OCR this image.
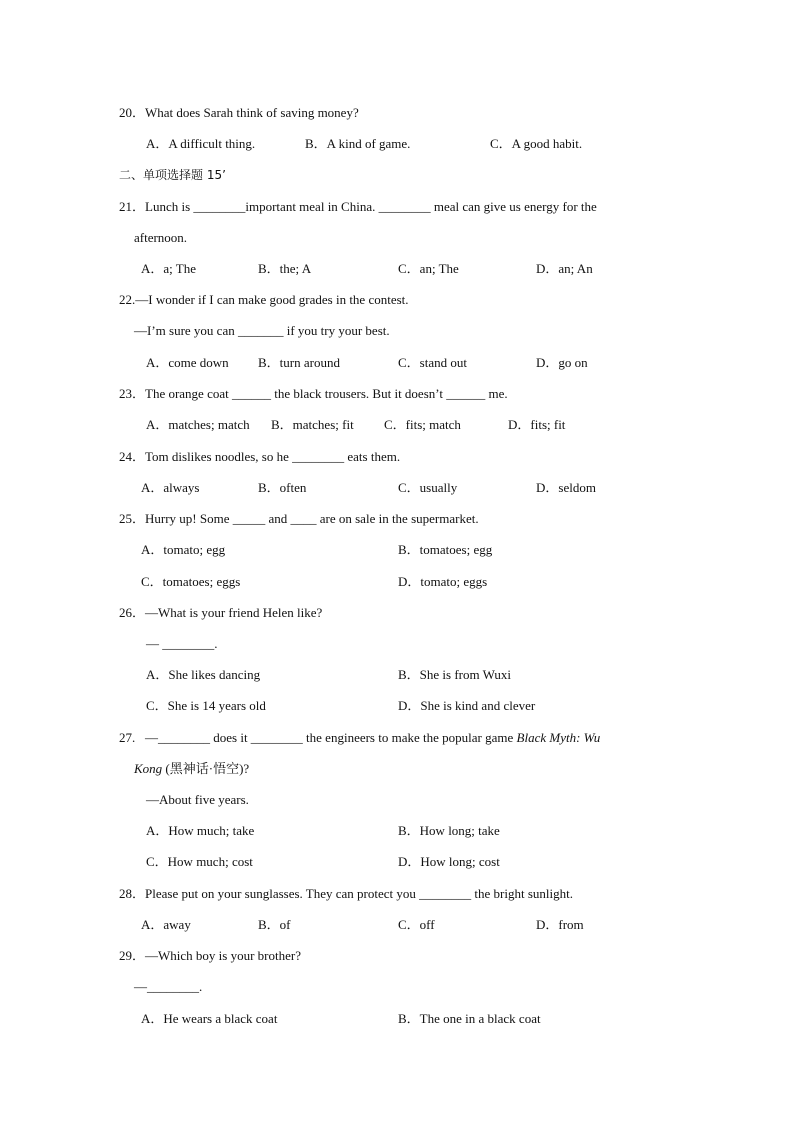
20．What does Sarah think of saving money?
A．A difficult thing.	B．A kind of game.	C．A good habit.
二、单项选择题 15’
21．Lunch is ________important meal in China. ________ meal can give us energy for the
afternoon.
A．a; The	B．the; A	C．an; The	D．an; An
22.—I wonder if I can make good grades in the contest.
—I’m sure you can _______ if you try your best.
A．come down B．turn around	C．stand out	D．go on
23．The orange coat ______ the black trousers. But it doesn’t ______ me.
A．matches; match B．matches; fit C．fits; match	D．fits; fit
24．Tom dislikes noodles, so he ________ eats them.
A．always	B．often	C．usually	D．seldom
25．Hurry up! Some _____ and ____ are on sale in the supermarket.
A．tomato; egg	B．tomatoes; egg
C．tomatoes; eggs	D．tomato; eggs
26．—What is your friend Helen like?
— ________.
A．She likes dancing	B．She is from Wuxi
C．She is 14 years old	D．She is kind and clever
27.   —________ does it ________ the engineers to make the popular game Black Myth: Wu
Kong (黑神话·悟空)?
—About five years.
A．How much; take	B．How long; take
C．How much; cost	D．How long; cost
28．Please put on your sunglasses. They can protect you ________ the bright sunlight.
A．away	B．of	C．off	D．from
29．—Which boy is your brother?
—________.
A．He wears a black coat	B．The one in a black coat
